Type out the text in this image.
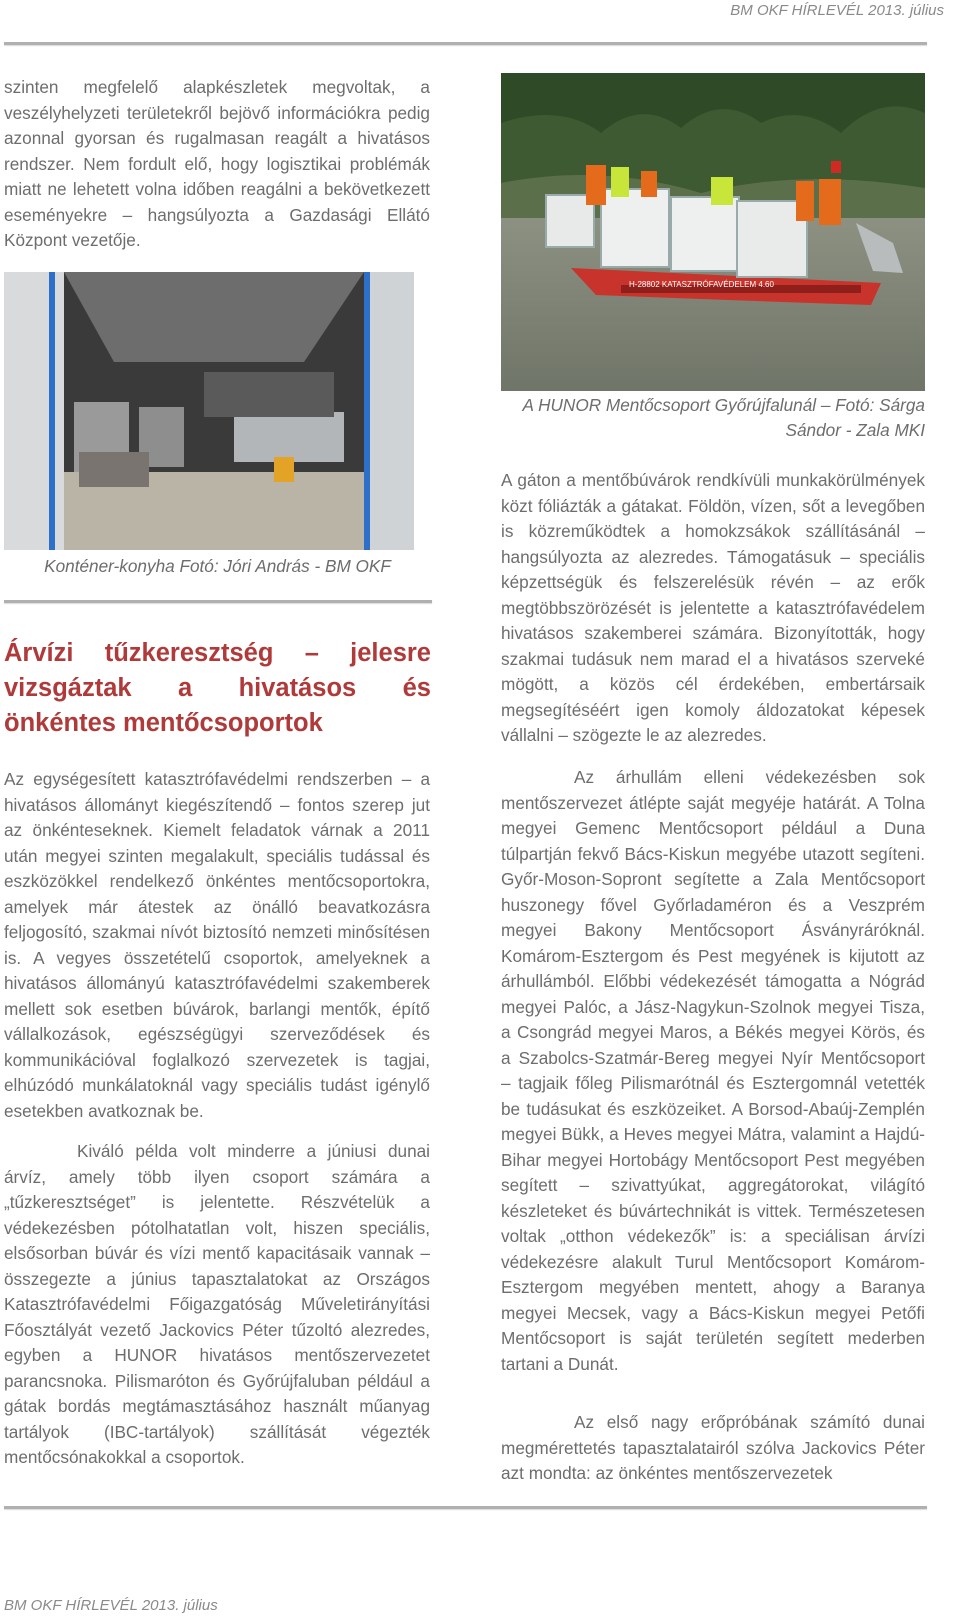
BM OKF HÍRLEVÉL 2013. július

szinten megfelelő alapkészletek megvoltak, a veszélyhelyzeti területekről bejövő információkra pedig azonnal gyorsan és rugalmasan reagált a hivatásos rendszer. Nem fordult elő, hogy logisztikai problémák miatt ne lehetett volna időben reagálni a bekövetkezett eseményekre – hangsúlyozta a Gazdasági Ellátó Központ vezetője.

H-28802 KATASZTRÓFAVÉDELEM 4.60

A HUNOR Mentőcsoport Győrújfalunál – Fotó: Sárga Sándor - Zala MKI

Konténer-konyha Fotó: Jóri András - BM OKF

Árvízi tűzkeresztség – jelesre vizsgáztak a hivatásos és önkéntes mentőcsoportok

Az egységesített katasztrófavédelmi rendszerben – a hivatásos állományt kiegészítendő – fontos szerep jut az önkénteseknek. Kiemelt feladatok várnak a 2011 után megyei szinten megalakult, speciális tudással és eszközökkel rendelkező önkéntes mentőcsoportokra, amelyek már átestek az önálló beavatkozásra feljogosító, szakmai nívót biztosító nemzeti minősítésen is. A vegyes összetételű csoportok, amelyeknek a hivatásos állományú katasztrófavédelmi szakemberek mellett sok esetben búvárok, barlangi mentők, építő vállalkozások, egészségügyi szerveződések és kommunikációval foglalkozó szervezetek is tagjai, elhúzódó munkálatoknál vagy speciális tudást igénylő esetekben avatkoznak be.

Kiváló példa volt minderre a júniusi dunai árvíz, amely több ilyen csoport számára a „tűzkeresztséget” is jelentette. Részvételük a védekezésben pótolhatatlan volt, hiszen speciális, elsősorban búvár és vízi mentő kapacitásaik vannak – összegezte a június tapasztalatokat az Országos Katasztrófavédelmi Főigazgatóság Műveletirányítási Főosztályát vezető Jackovics Péter tűzoltó alezredes, egyben a HUNOR hivatásos mentőszervezetet parancsnoka. Pilismaróton és Győrújfaluban például a gátak bordás megtámasztásához használt műanyag tartályok (IBC-tartályok) szállítását végezték mentőcsónakokkal a csoportok.

A gáton a mentőbúvárok rendkívüli munkakörülmények közt fóliázták a gátakat. Földön, vízen, sőt a levegőben is közreműködtek a homokzsákok szállításánál – hangsúlyozta az alezredes. Támogatásuk – speciális képzettségük és felszerelésük révén – az erők megtöbbszörözését is jelentette a katasztrófavédelem hivatásos szakemberei számára. Bizonyították, hogy szakmai tudásuk nem marad el a hivatásos szerveké mögött, a közös cél érdekében, embertársaik megsegítéséért igen komoly áldozatokat képesek vállalni – szögezte le az alezredes.

Az árhullám elleni védekezésben sok mentőszervezet átlépte saját megyéje határát. A Tolna megyei Gemenc Mentőcsoport például a Duna túlpartján fekvő Bács-Kiskun megyébe utazott segíteni. Győr-Moson-Sopront segítette a Zala Mentőcsoport huszonegy fővel Győrladaméron és a Veszprém megyei Bakony Mentőcsoport Ásványráróknál. Komárom-Esztergom és Pest megyének is kijutott az árhullámból. Előbbi védekezését támogatta a Nógrád megyei Palóc, a Jász-Nagykun-Szolnok megyei Tisza, a Csongrád megyei Maros, a Békés megyei Körös, és a Szabolcs-Szatmár-Bereg megyei Nyír Mentőcsoport – tagjaik főleg Pilismarótnál és Esztergomnál vetették be tudásukat és eszközeiket. A Borsod-Abaúj-Zemplén megyei Bükk, a Heves megyei Mátra, valamint a Hajdú-Bihar megyei Hortobágy Mentőcsoport Pest megyében segített – szivattyúkat, aggregátorokat, világító készleteket és búvártechnikát is vittek. Természetesen voltak „otthon védekezők” is: a speciálisan árvízi védekezésre alakult Turul Mentőcsoport Komárom-Esztergom megyében mentett, ahogy a Baranya megyei Mecsek, vagy a Bács-Kiskun megyei Petőfi Mentőcsoport is saját területén segített mederben tartani a Dunát.

Az első nagy erőpróbának számító dunai megmérettetés tapasztalatairól szólva Jackovics Péter azt mondta: az önkéntes mentőszervezetek

BM OKF HÍRLEVÉL 2013. július
